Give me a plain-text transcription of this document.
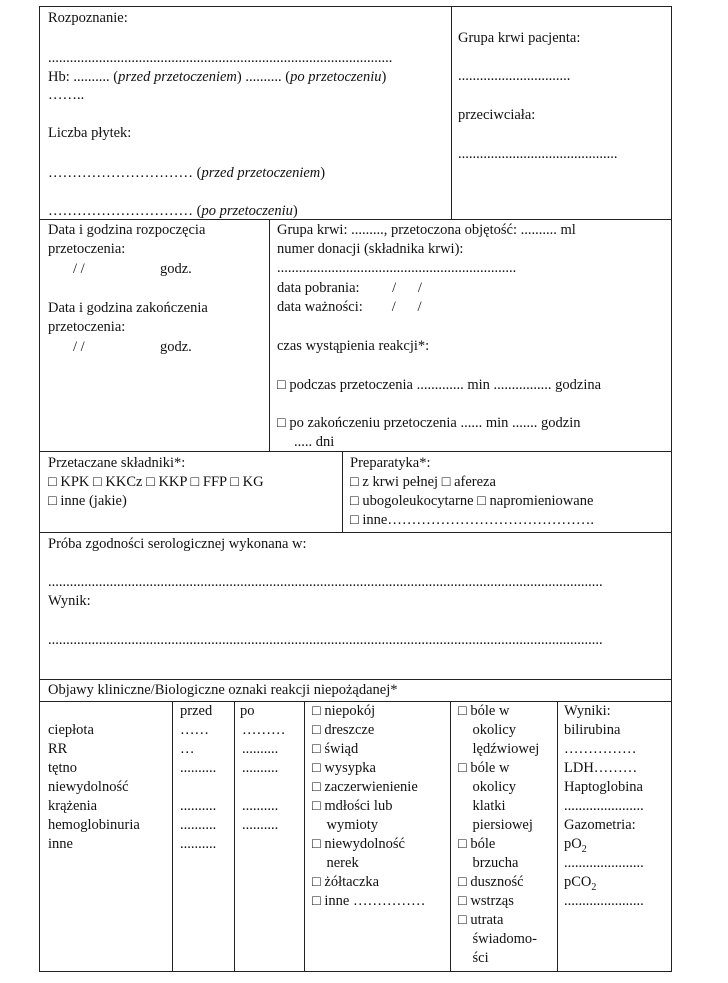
Rozpoznanie:
...............................................................................................
Hb: .......... (przed przetoczeniem) .......... (po przetoczeniu)
……..
Liczba płytek:
………………………… (przed przetoczeniem)
………………………… (po przetoczeniu)
Grupa krwi pacjenta:
...............................
przeciwciała:
............................................
Data i godzina rozpoczęcia
przetoczenia:
/ /	godz.
Data i godzina zakończenia
przetoczenia:
/ /	godz.
Grupa krwi: ........., przetoczona objętość: .......... ml
numer donacji (składnika krwi):
..................................................................
data pobrania:         /      /
data ważności:        /      /
czas wystąpienia reakcji*:
□ podczas przetoczenia ............. min ................ godzina
□ po zakończeniu przetoczenia ...... min ....... godzin
..... dni
Przetaczane składniki*:
□ KPK □ KKCz □ KKP □ FFP □ KG
□ inne (jakie)
Preparatyka*:
□ z krwi pełnej □ afereza
□ ubogoleukocytarne □ napromieniowane
□ inne…………………………………….
Próba zgodności serologicznej wykonana w:
.........................................................................................................................................................
Wynik:
.........................................................................................................................................................
Objawy kliniczne/Biologiczne oznaki reakcji niepożądanej*
przed po
ciepłota
RR
tętno
niewydolność
krążenia
hemoglobinuria
inne
……
…
..........
..........
..........
..........
………
..........
..........
..........
..........
□ niepokój
□ dreszcze
□ świąd
□ wysypka
□ zaczerwienienie
□ mdłości lub
wymioty
□ niewydolność
nerek
□ żółtaczka
□ inne ……………
□ bóle w
okolicy
lędźwiowej
□ bóle w
okolicy
klatki
piersiowej
□ bóle
brzucha
□ duszność
□ wstrząs
□ utrata
świadomo-
ści
Wyniki:
bilirubina
……………
LDH………
Haptoglobina
......................
Gazometria:
$pO_2$
......................
pCO$_2$
......................
